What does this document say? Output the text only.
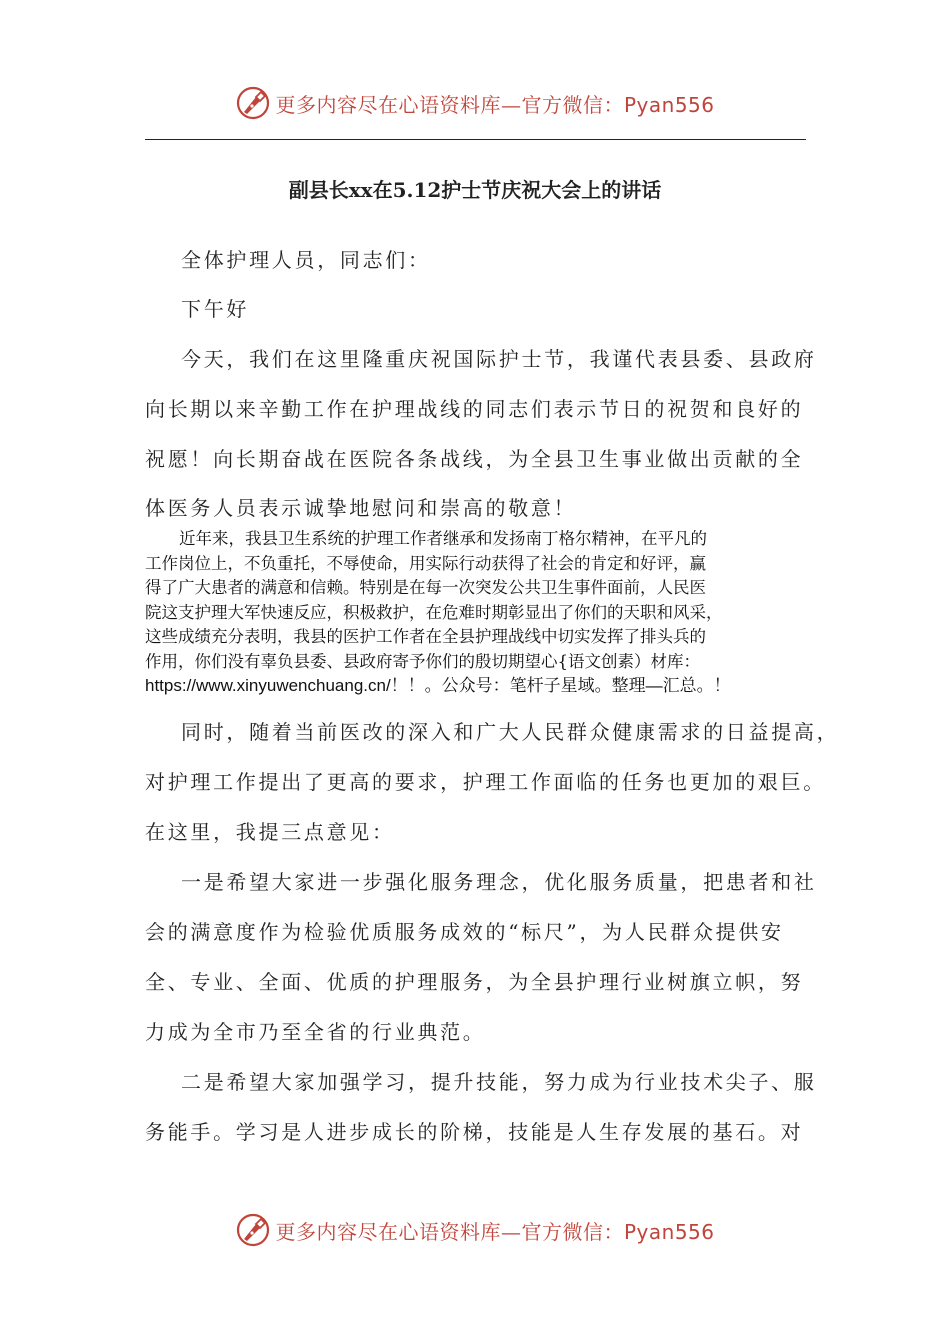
更多内容尽在心语资料库—官方微信：Pyan556
副县长xx在5.12护士节庆祝大会上的讲话
全体护理人员，同志们：
下午好
今天，我们在这里隆重庆祝国际护士节，我谨代表县委、县政府
向长期以来辛勤工作在护理战线的同志们表示节日的祝贺和良好的
祝愿！向长期奋战在医院各条战线，为全县卫生事业做出贡献的全
体医务人员表示诚挚地慰问和崇高的敬意！
近年来，我县卫生系统的护理工作者继承和发扬南丁格尔精神，在平凡的
工作岗位上，不负重托，不辱使命，用实际行动获得了社会的肯定和好评，赢
得了广大患者的满意和信赖。特别是在每一次突发公共卫生事件面前，人民医
院这支护理大军快速反应，积极救护，在危难时期彰显出了你们的天职和风采，
这些成绩充分表明，我县的医护工作者在全县护理战线中切实发挥了排头兵的
作用，你们没有辜负县委、县政府寄予你们的殷切期望心{语文创素）材库：
https://www.xinyuwenchuang.cn/！！。公众号：笔杆子星域。整理—汇总。！
同时，随着当前医改的深入和广大人民群众健康需求的日益提高，
对护理工作提出了更高的要求，护理工作面临的任务也更加的艰巨。
在这里，我提三点意见：
一是希望大家进一步强化服务理念，优化服务质量，把患者和社
会的满意度作为检验优质服务成效的“标尺”，为人民群众提供安
全、专业、全面、优质的护理服务，为全县护理行业树旗立帜，努
力成为全市乃至全省的行业典范。
二是希望大家加强学习，提升技能，努力成为行业技术尖子、服
务能手。学习是人进步成长的阶梯，技能是人生存发展的基石。对
更多内容尽在心语资料库—官方微信：Pyan556
